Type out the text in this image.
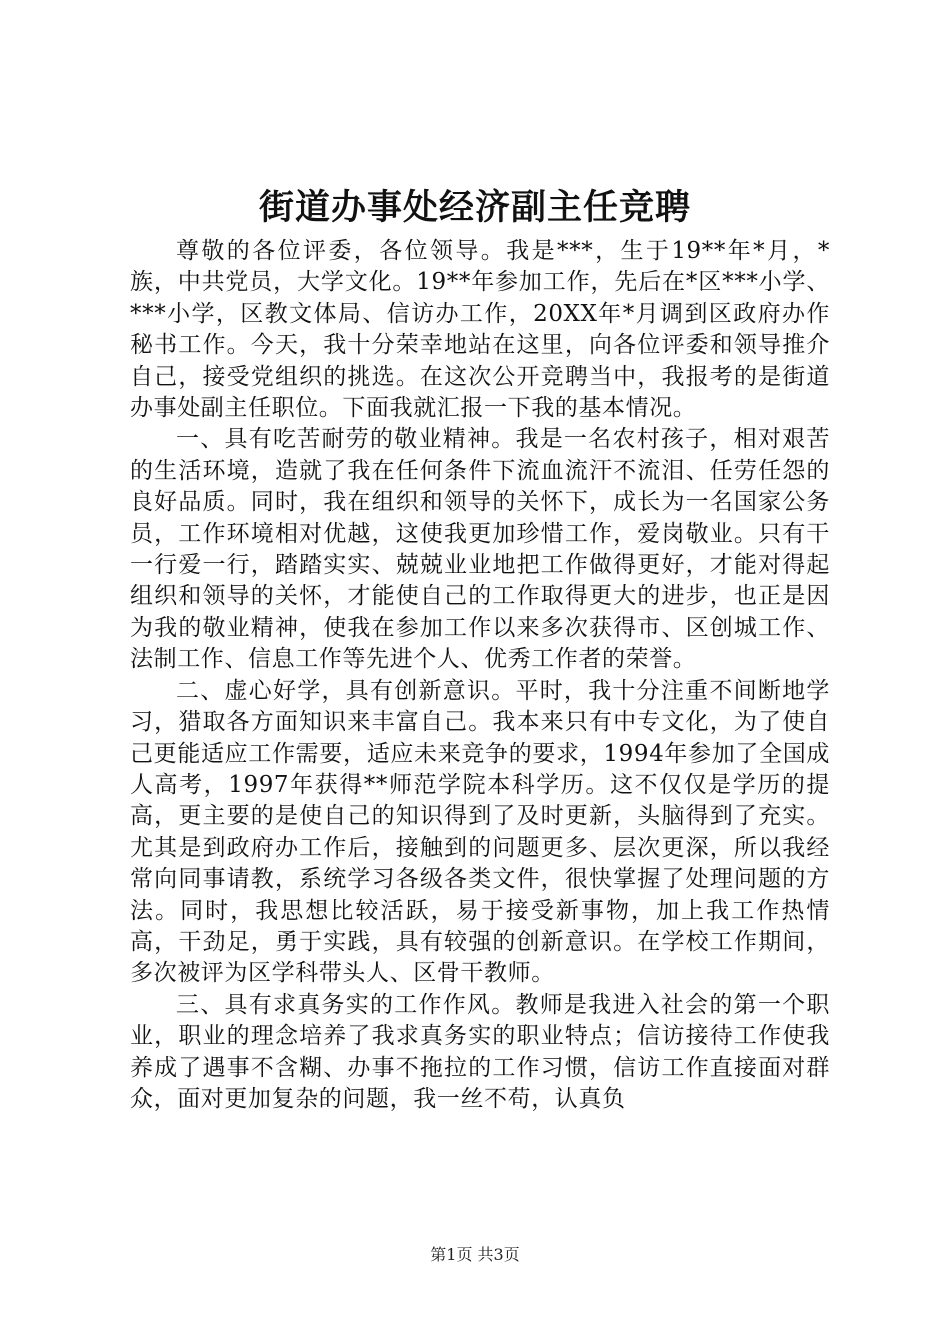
街道办事处经济副主任竞聘

尊敬的各位评委，各位领导。我是***，生于19**年*月，*族，中共党员，大学文化。19**年参加工作，先后在*区***小学、***小学，区教文体局、信访办工作，20XX年*月调到区政府办作秘书工作。今天，我十分荣幸地站在这里，向各位评委和领导推介自己，接受党组织的挑选。在这次公开竞聘当中，我报考的是街道办事处副主任职位。下面我就汇报一下我的基本情况。

一、具有吃苦耐劳的敬业精神。我是一名农村孩子，相对艰苦的生活环境，造就了我在任何条件下流血流汗不流泪、任劳任怨的良好品质。同时，我在组织和领导的关怀下，成长为一名国家公务员，工作环境相对优越，这使我更加珍惜工作，爱岗敬业。只有干一行爱一行，踏踏实实、兢兢业业地把工作做得更好，才能对得起组织和领导的关怀，才能使自己的工作取得更大的进步，也正是因为我的敬业精神，使我在参加工作以来多次获得市、区创城工作、法制工作、信息工作等先进个人、优秀工作者的荣誉。

二、虚心好学，具有创新意识。平时，我十分注重不间断地学习，猎取各方面知识来丰富自己。我本来只有中专文化，为了使自己更能适应工作需要，适应未来竞争的要求，1994年参加了全国成人高考，1997年获得**师范学院本科学历。这不仅仅是学历的提高，更主要的是使自己的知识得到了及时更新，头脑得到了充实。尤其是到政府办工作后，接触到的问题更多、层次更深，所以我经常向同事请教，系统学习各级各类文件，很快掌握了处理问题的方法。同时，我思想比较活跃，易于接受新事物，加上我工作热情高，干劲足，勇于实践，具有较强的创新意识。在学校工作期间，多次被评为区学科带头人、区骨干教师。

三、具有求真务实的工作作风。教师是我进入社会的第一个职业，职业的理念培养了我求真务实的职业特点；信访接待工作使我养成了遇事不含糊、办事不拖拉的工作习惯，信访工作直接面对群众，面对更加复杂的问题，我一丝不苟，认真负

第1页 共3页
